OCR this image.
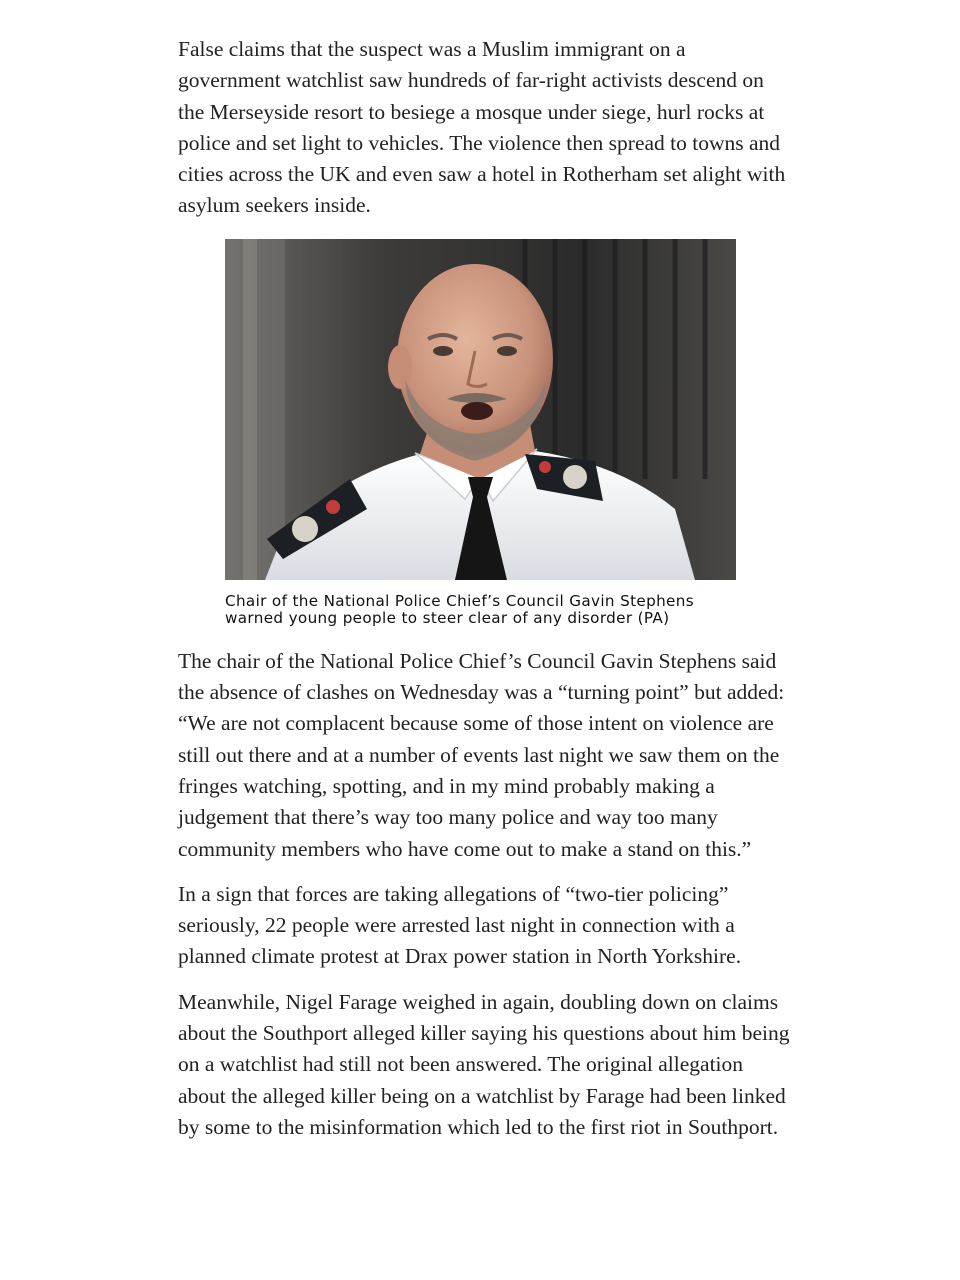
False claims that the suspect was a Muslim immigrant on a government watchlist saw hundreds of far-right activists descend on the Merseyside resort to besiege a mosque under siege, hurl rocks at police and set light to vehicles. The violence then spread to towns and cities across the UK and even saw a hotel in Rotherham set alight with asylum seekers inside.

Chair of the National Police Chief’s Council Gavin Stephens warned young people to steer clear of any disorder (PA)

The chair of the National Police Chief’s Council Gavin Stephens said the absence of clashes on Wednesday was a “turning point” but added: “We are not complacent because some of those intent on violence are still out there and at a number of events last night we saw them on the fringes watching, spotting, and in my mind probably making a judgement that there’s way too many police and way too many community members who have come out to make a stand on this.”

In a sign that forces are taking allegations of “two-tier policing” seriously, 22 people were arrested last night in connection with a planned climate protest at Drax power station in North Yorkshire.

Meanwhile, Nigel Farage weighed in again, doubling down on claims about the Southport alleged killer saying his questions about him being on a watchlist had still not been answered. The original allegation about the alleged killer being on a watchlist by Farage had been linked by some to the misinformation which led to the first riot in Southport.
